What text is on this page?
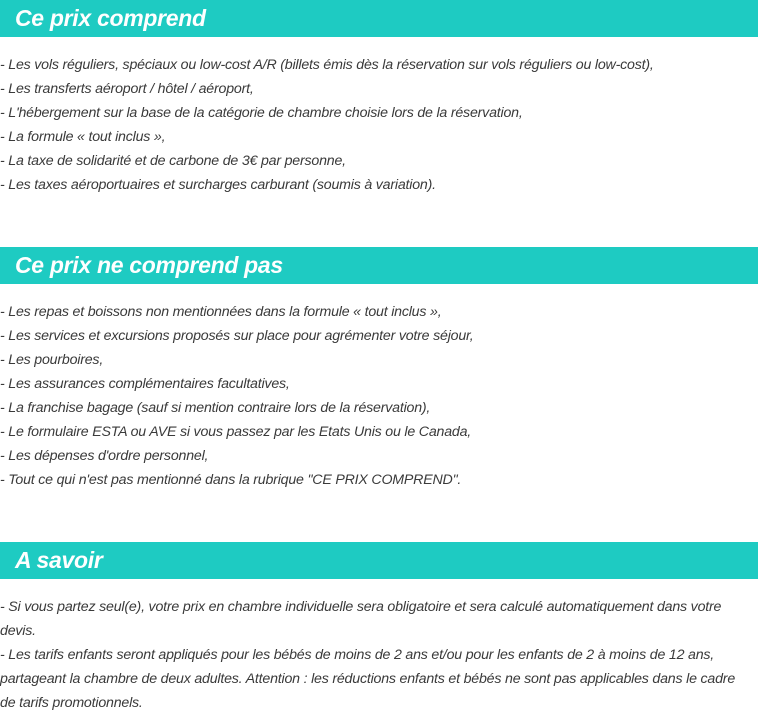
Ce prix comprend
- Les vols réguliers, spéciaux ou low-cost A/R (billets émis dès la réservation sur vols réguliers ou low-cost),
- Les transferts aéroport / hôtel / aéroport,
- L'hébergement sur la base de la catégorie de chambre choisie lors de la réservation,
- La formule « tout inclus »,
- La taxe de solidarité et de carbone de 3€ par personne,
- Les taxes aéroportuaires et surcharges carburant (soumis à variation).
Ce prix ne comprend pas
- Les repas et boissons non mentionnées dans la formule « tout inclus »,
- Les services et excursions proposés sur place pour agrémenter votre séjour,
- Les pourboires,
- Les assurances complémentaires facultatives,
- La franchise bagage (sauf si mention contraire lors de la réservation),
- Le formulaire ESTA ou AVE si vous passez par les Etats Unis ou le Canada,
- Les dépenses d'ordre personnel,
- Tout ce qui n'est pas mentionné dans la rubrique "CE PRIX COMPREND".
A savoir
- Si vous partez seul(e), votre prix en chambre individuelle sera obligatoire et sera calculé automatiquement dans votre devis.
- Les tarifs enfants seront appliqués pour les bébés de moins de 2 ans et/ou pour les enfants de 2 à moins de 12 ans, partageant la chambre de deux adultes. Attention : les réductions enfants et bébés ne sont pas applicables dans le cadre de tarifs promotionnels.
